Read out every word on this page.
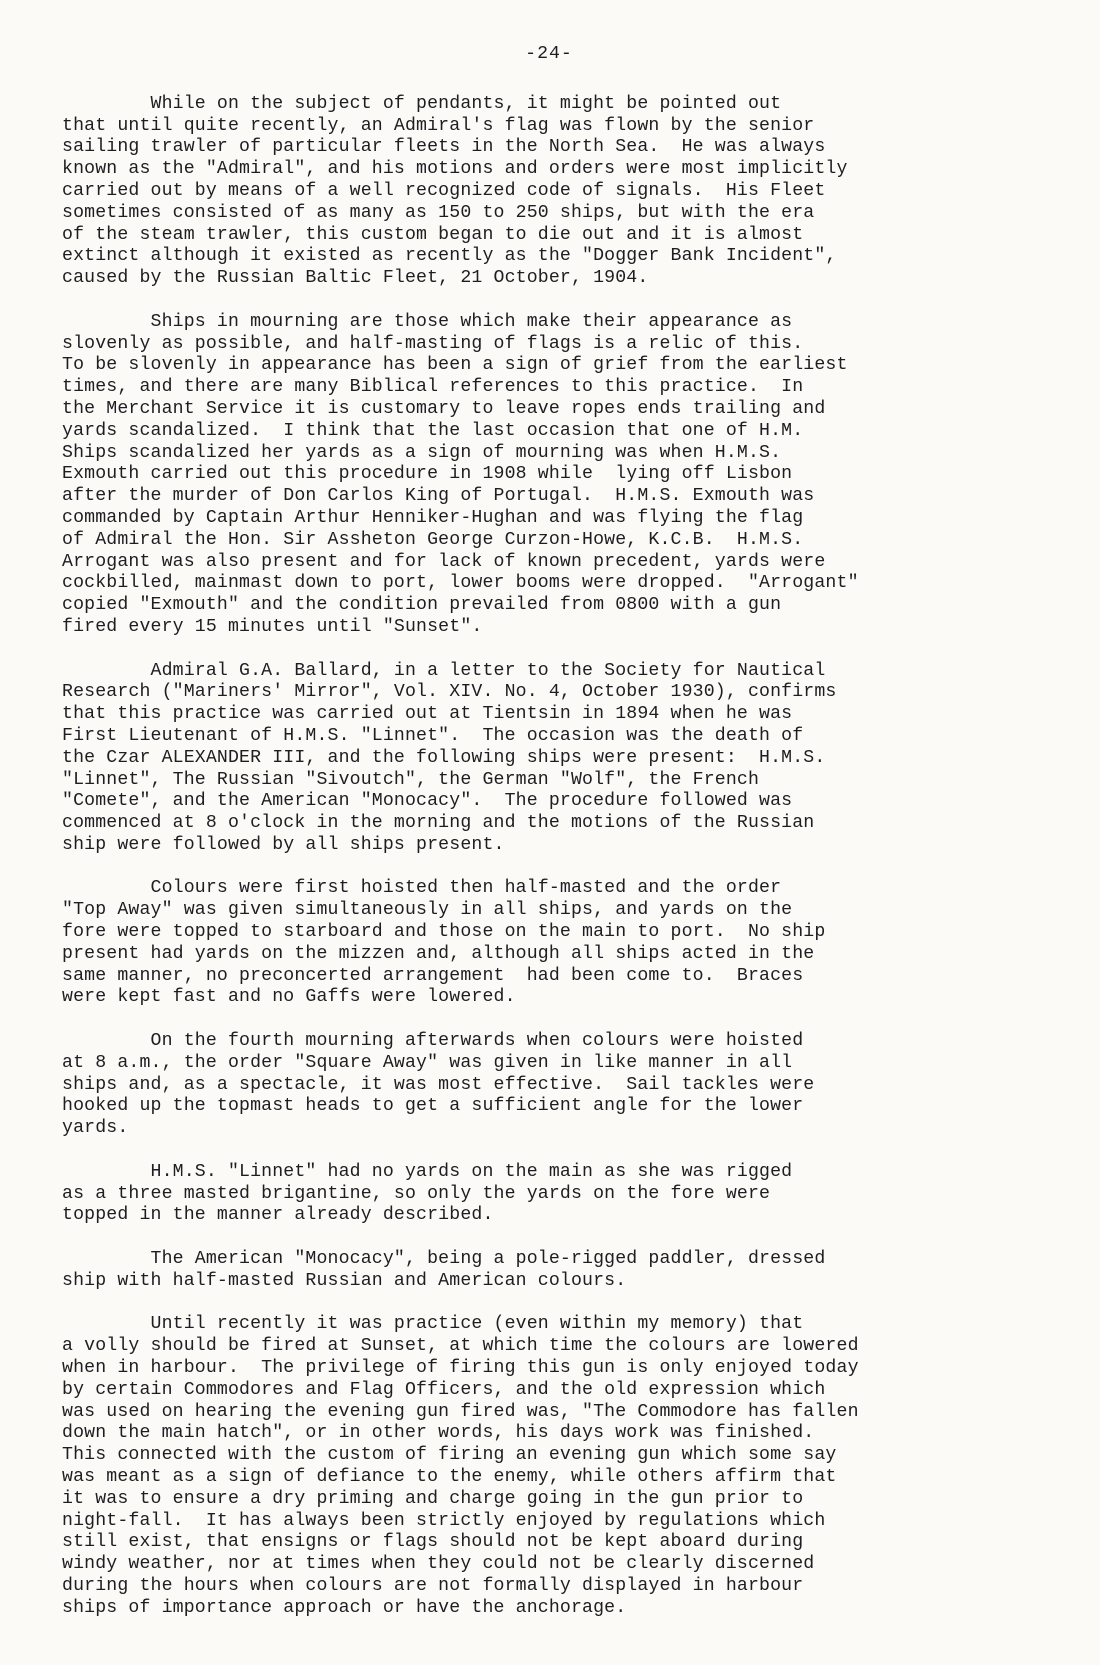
-24-
While on the subject of pendants, it might be pointed out
that until quite recently, an Admiral's flag was flown by the senior
sailing trawler of particular fleets in the North Sea.  He was always
known as the "Admiral", and his motions and orders were most implicitly
carried out by means of a well recognized code of signals.  His Fleet
sometimes consisted of as many as 150 to 250 ships, but with the era
of the steam trawler, this custom began to die out and it is almost
extinct although it existed as recently as the "Dogger Bank Incident",
caused by the Russian Baltic Fleet, 21 October, 1904.
Ships in mourning are those which make their appearance as
slovenly as possible, and half-masting of flags is a relic of this.
To be slovenly in appearance has been a sign of grief from the earliest
times, and there are many Biblical references to this practice.  In
the Merchant Service it is customary to leave ropes ends trailing and
yards scandalized.  I think that the last occasion that one of H.M.
Ships scandalized her yards as a sign of mourning was when H.M.S.
Exmouth carried out this procedure in 1908 while  lying off Lisbon
after the murder of Don Carlos King of Portugal.  H.M.S. Exmouth was
commanded by Captain Arthur Henniker-Hughan and was flying the flag
of Admiral the Hon. Sir Assheton George Curzon-Howe, K.C.B.  H.M.S.
Arrogant was also present and for lack of known precedent, yards were
cockbilled, mainmast down to port, lower booms were dropped.  "Arrogant"
copied "Exmouth" and the condition prevailed from 0800 with a gun
fired every 15 minutes until "Sunset".
Admiral G.A. Ballard, in a letter to the Society for Nautical
Research ("Mariners' Mirror", Vol. XIV. No. 4, October 1930), confirms
that this practice was carried out at Tientsin in 1894 when he was
First Lieutenant of H.M.S. "Linnet".  The occasion was the death of
the Czar ALEXANDER III, and the following ships were present:  H.M.S.
"Linnet", The Russian "Sivoutch", the German "Wolf", the French
"Comete", and the American "Monocacy".  The procedure followed was
commenced at 8 o'clock in the morning and the motions of the Russian
ship were followed by all ships present.
Colours were first hoisted then half-masted and the order
"Top Away" was given simultaneously in all ships, and yards on the
fore were topped to starboard and those on the main to port.  No ship
present had yards on the mizzen and, although all ships acted in the
same manner, no preconcerted arrangement  had been come to.  Braces
were kept fast and no Gaffs were lowered.
On the fourth mourning afterwards when colours were hoisted
at 8 a.m., the order "Square Away" was given in like manner in all
ships and, as a spectacle, it was most effective.  Sail tackles were
hooked up the topmast heads to get a sufficient angle for the lower
yards.
H.M.S. "Linnet" had no yards on the main as she was rigged
as a three masted brigantine, so only the yards on the fore were
topped in the manner already described.
The American "Monocacy", being a pole-rigged paddler, dressed
ship with half-masted Russian and American colours.
Until recently it was practice (even within my memory) that
a volly should be fired at Sunset, at which time the colours are lowered
when in harbour.  The privilege of firing this gun is only enjoyed today
by certain Commodores and Flag Officers, and the old expression which
was used on hearing the evening gun fired was, "The Commodore has fallen
down the main hatch", or in other words, his days work was finished.
This connected with the custom of firing an evening gun which some say
was meant as a sign of defiance to the enemy, while others affirm that
it was to ensure a dry priming and charge going in the gun prior to
night-fall.  It has always been strictly enjoyed by regulations which
still exist, that ensigns or flags should not be kept aboard during
windy weather, nor at times when they could not be clearly discerned
during the hours when colours are not formally displayed in harbour
ships of importance approach or have the anchorage.
